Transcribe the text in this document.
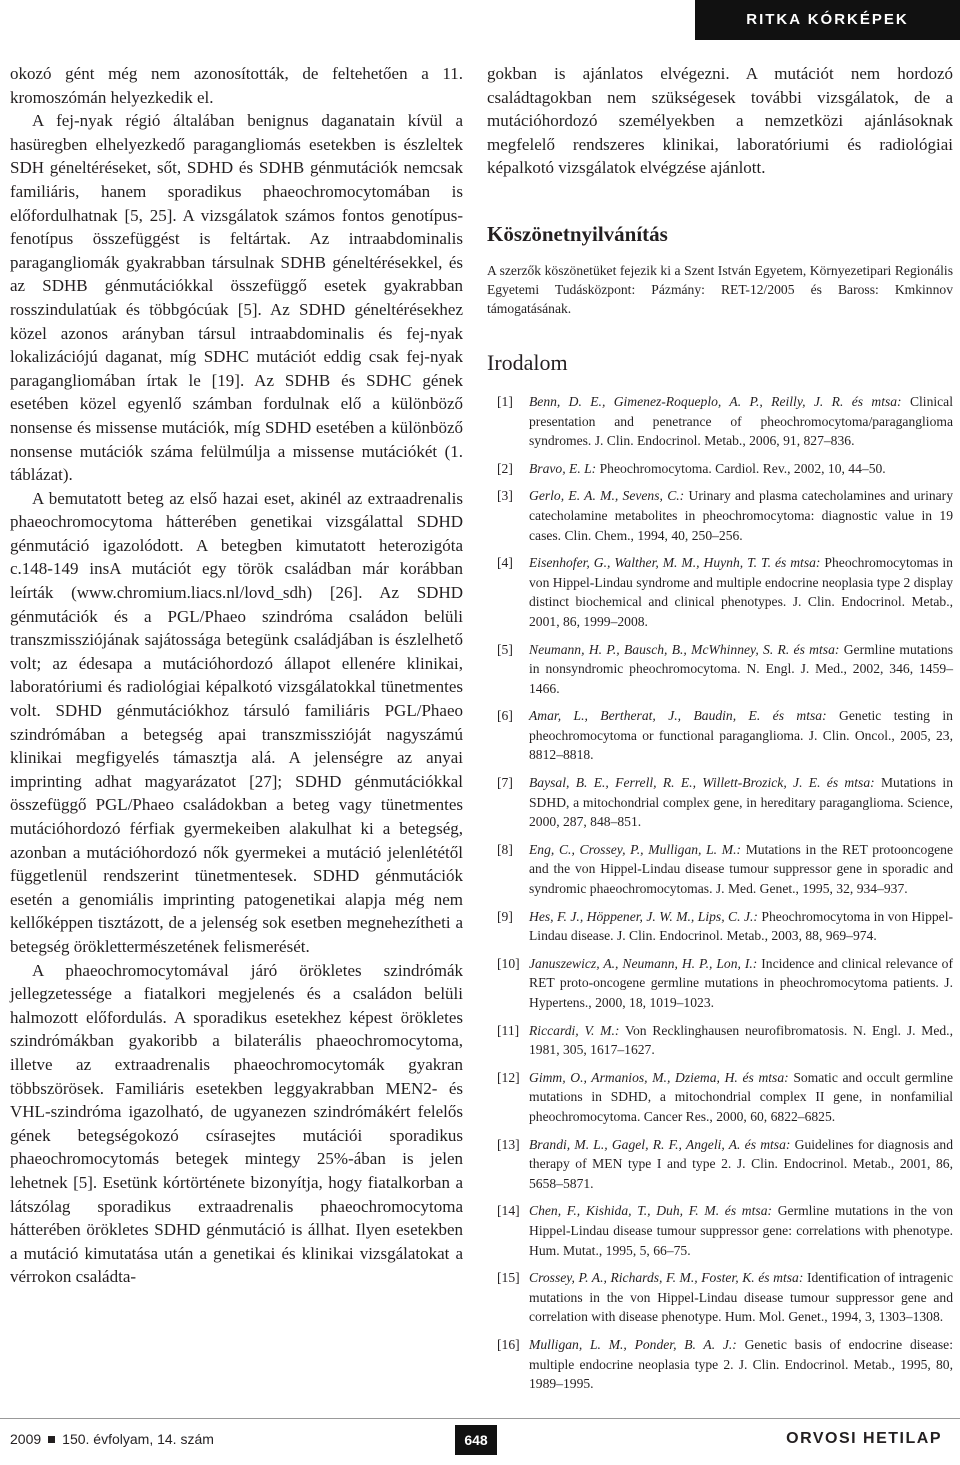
RITKA KÓRKÉPEK

okozó gént még nem azonosították, de feltehetően a 11. kromoszómán helyezkedik el.

A fej-nyak régió általában benignus daganatain kívül a hasüregben elhelyezkedő paragangliomás esetekben is észleltek SDH géneltéréseket, sőt, SDHD és SDHB génmutációk nemcsak familiáris, hanem sporadikus phaeochromocytomában is előfordulhatnak [5, 25]. A vizsgálatok számos fontos genotípus-fenotípus összefüggést is feltártak. Az intraabdominalis paragangliomák gyakrabban társulnak SDHB géneltérésekkel, és az SDHB génmutációkkal összefüggő esetek gyakrabban rosszindulatúak és többgócúak [5]. Az SDHD géneltérésekhez közel azonos arányban társul intraabdominalis és fej-nyak lokalizációjú daganat, míg SDHC mutációt eddig csak fej-nyak paragangliomában írtak le [19]. Az SDHB és SDHC gének esetében közel egyenlő számban fordulnak elő a különböző nonsense és missense mutációk, míg SDHD esetében a különböző nonsense mutációk száma felülmúlja a missense mutációkét (1. táblázat).

A bemutatott beteg az első hazai eset, akinél az extraadrenalis phaeochromocytoma hátterében genetikai vizsgálattal SDHD génmutáció igazolódott. A betegben kimutatott heterozigóta c.148-149 insA mutációt egy török családban már korábban leírták (www.chromium.liacs.nl/lovd_sdh) [26]. Az SDHD génmutációk és a PGL/Phaeo szindróma családon belüli transzmissziójának sajátossága betegünk családjában is észlelhető volt; az édesapa a mutációhordozó állapot ellenére klinikai, laboratóriumi és radiológiai képalkotó vizsgálatokkal tünetmentes volt. SDHD génmutációkhoz társuló familiáris PGL/Phaeo szindrómában a betegség apai transzmisszióját nagyszámú klinikai megfigyelés támasztja alá. A jelenségre az anyai imprinting adhat magyarázatot [27]; SDHD génmutációkkal összefüggő PGL/Phaeo családokban a beteg vagy tünetmentes mutációhordozó férfiak gyermekeiben alakulhat ki a betegség, azonban a mutációhordozó nők gyermekei a mutáció jelenlététől függetlenül rendszerint tünetmentesek. SDHD génmutációk esetén a genomiális imprinting patogenetikai alapja még nem kellőképpen tisztázott, de a jelenség sok esetben megnehezítheti a betegség öröklettermészetének felismerését.

A phaeochromocytomával járó örökletes szindrómák jellegzetessége a fiatalkori megjelenés és a családon belüli halmozott előfordulás. A sporadikus esetekhez képest örökletes szindrómákban gyakoribb a bilaterális phaeochromocytoma, illetve az extraadrenalis phaeochromocytomák gyakran többszörösek. Familiáris esetekben leggyakrabban MEN2- és VHL-szindróma igazolható, de ugyanezen szindrómákért felelős gének betegségokozó csírasejtes mutációi sporadikus phaeochromocytomás betegek mintegy 25%-ában is jelen lehetnek [5]. Esetünk kórtörténete bizonyítja, hogy fiatalkorban a látszólag sporadikus extraadrenalis phaeochromocytoma hátterében örökletes SDHD génmutáció is állhat. Ilyen esetekben a mutáció kimutatása után a genetikai és klinikai vizsgálatokat a vérrokon családta-

gokban is ajánlatos elvégezni. A mutációt nem hordozó családtagokban nem szükségesek további vizsgálatok, de a mutációhordozó személyekben a nemzetközi ajánlásoknak megfelelő rendszeres klinikai, laboratóriumi és radiológiai képalkotó vizsgálatok elvégzése ajánlott.

Köszönetnyilvánítás

A szerzők köszönetüket fejezik ki a Szent István Egyetem, Környezetipari Regionális Egyetemi Tudásközpont: Pázmány: RET-12/2005 és Baross: Kmkinnov támogatásának.

Irodalom
[1] Benn, D. E., Gimenez-Roqueplo, A. P., Reilly, J. R. és mtsa: Clinical presentation and penetrance of pheochromocytoma/paraganglioma syndromes. J. Clin. Endocrinol. Metab., 2006, 91, 827–836.
[2] Bravo, E. L: Pheochromocytoma. Cardiol. Rev., 2002, 10, 44–50.
[3] Gerlo, E. A. M., Sevens, C.: Urinary and plasma catecholamines and urinary catecholamine metabolites in pheochromocytoma: diagnostic value in 19 cases. Clin. Chem., 1994, 40, 250–256.
[4] Eisenhofer, G., Walther, M. M., Huynh, T. T. és mtsa: Pheochromocytomas in von Hippel-Lindau syndrome and multiple endocrine neoplasia type 2 display distinct biochemical and clinical phenotypes. J. Clin. Endocrinol. Metab., 2001, 86, 1999–2008.
[5] Neumann, H. P., Bausch, B., McWhinney, S. R. és mtsa: Germline mutations in nonsyndromic pheochromocytoma. N. Engl. J. Med., 2002, 346, 1459–1466.
[6] Amar, L., Bertherat, J., Baudin, E. és mtsa: Genetic testing in pheochromocytoma or functional paraganglioma. J. Clin. Oncol., 2005, 23, 8812–8818.
[7] Baysal, B. E., Ferrell, R. E., Willett-Brozick, J. E. és mtsa: Mutations in SDHD, a mitochondrial complex gene, in hereditary paraganglioma. Science, 2000, 287, 848–851.
[8] Eng, C., Crossey, P., Mulligan, L. M.: Mutations in the RET protooncogene and the von Hippel-Lindau disease tumour suppressor gene in sporadic and syndromic phaeochromocytomas. J. Med. Genet., 1995, 32, 934–937.
[9] Hes, F. J., Höppener, J. W. M., Lips, C. J.: Pheochromocytoma in von Hippel-Lindau disease. J. Clin. Endocrinol. Metab., 2003, 88, 969–974.
[10] Januszewicz, A., Neumann, H. P., Lon, I.: Incidence and clinical relevance of RET proto-oncogene germline mutations in pheochromocytoma patients. J. Hypertens., 2000, 18, 1019–1023.
[11] Riccardi, V. M.: Von Recklinghausen neurofibromatosis. N. Engl. J. Med., 1981, 305, 1617–1627.
[12] Gimm, O., Armanios, M., Dziema, H. és mtsa: Somatic and occult germline mutations in SDHD, a mitochondrial complex II gene, in nonfamilial pheochromocytoma. Cancer Res., 2000, 60, 6822–6825.
[13] Brandi, M. L., Gagel, R. F., Angeli, A. és mtsa: Guidelines for diagnosis and therapy of MEN type I and type 2. J. Clin. Endocrinol. Metab., 2001, 86, 5658–5871.
[14] Chen, F., Kishida, T., Duh, F. M. és mtsa: Germline mutations in the von Hippel-Lindau disease tumour suppressor gene: correlations with phenotype. Hum. Mutat., 1995, 5, 66–75.
[15] Crossey, P. A., Richards, F. M., Foster, K. és mtsa: Identification of intragenic mutations in the von Hippel-Lindau disease tumour suppressor gene and correlation with disease phenotype. Hum. Mol. Genet., 1994, 3, 1303–1308.
[16] Mulligan, L. M., Ponder, B. A. J.: Genetic basis of endocrine disease: multiple endocrine neoplasia type 2. J. Clin. Endocrinol. Metab., 1995, 80, 1989–1995.
2009 150. évfolyam, 14. szám	648	ORVOSI HETILAP
